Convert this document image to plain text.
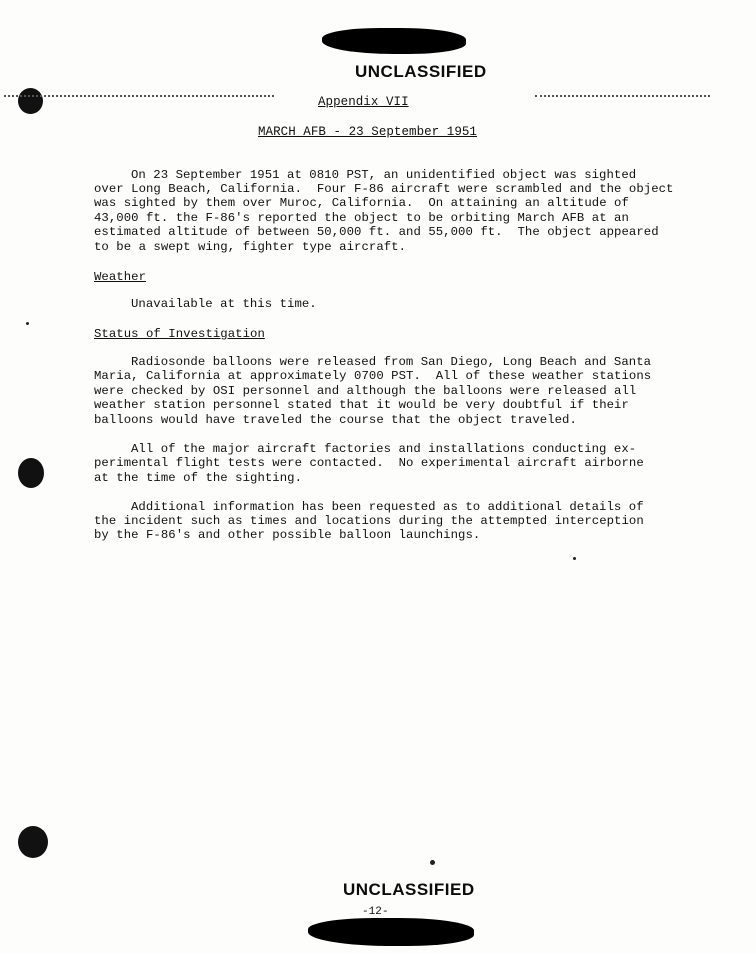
UNCLASSIFIED
Appendix VII
MARCH AFB - 23 September 1951
On 23 September 1951 at 0810 PST, an unidentified object was sighted
over Long Beach, California.  Four F-86 aircraft were scrambled and the object
was sighted by them over Muroc, California.  On attaining an altitude of
43,000 ft. the F-86's reported the object to be orbiting March AFB at an
estimated altitude of between 50,000 ft. and 55,000 ft.  The object appeared
to be a swept wing, fighter type aircraft.
Weather
Unavailable at this time.
Status of Investigation
Radiosonde balloons were released from San Diego, Long Beach and Santa
Maria, California at approximately 0700 PST.  All of these weather stations
were checked by OSI personnel and although the balloons were released all
weather station personnel stated that it would be very doubtful if their
balloons would have traveled the course that the object traveled.
All of the major aircraft factories and installations conducting ex-
perimental flight tests were contacted.  No experimental aircraft airborne
at the time of the sighting.
Additional information has been requested as to additional details of
the incident such as times and locations during the attempted interception
by the F-86's and other possible balloon launchings.
UNCLASSIFIED
-12-
